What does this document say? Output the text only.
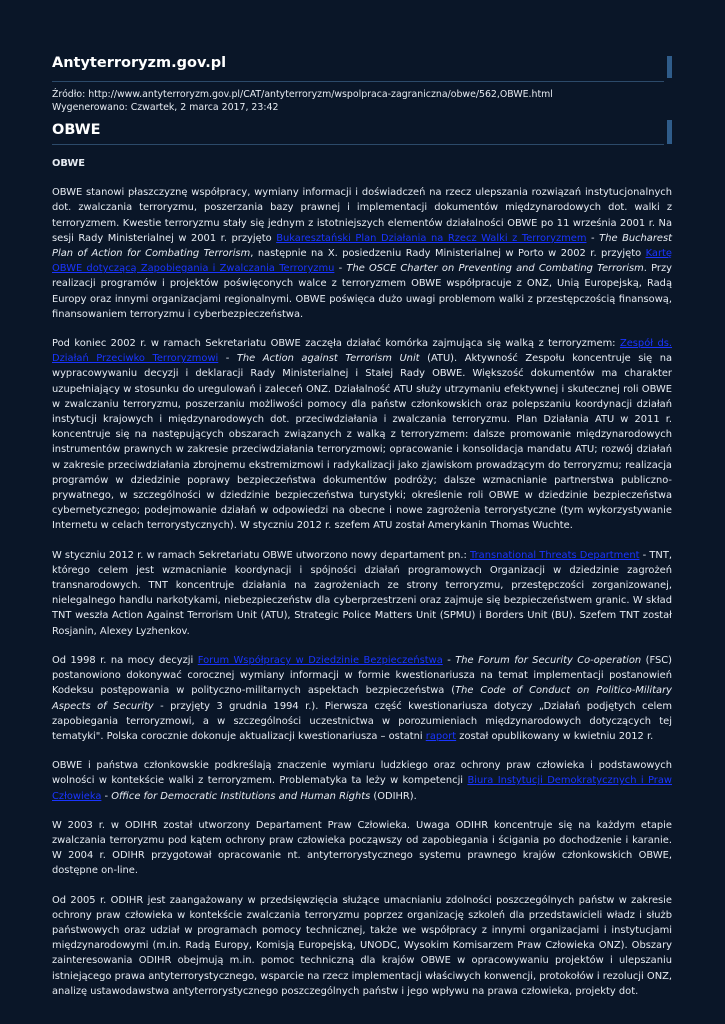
Antyterroryzm.gov.pl
Źródło: http://www.antyterroryzm.gov.pl/CAT/antyterroryzm/wspolpraca-zagraniczna/obwe/562,OBWE.html
Wygenerowano: Czwartek, 2 marca 2017, 23:42
OBWE

OBWE

OBWE stanowi płaszczyznę współpracy, wymiany informacji i doświadczeń na rzecz ulepszania rozwiązań instytucjonalnych dot. zwalczania terroryzmu, poszerzania bazy prawnej i implementacji dokumentów międzynarodowych dot. walki z terroryzmem. Kwestie terroryzmu stały się jednym z istotniejszych elementów działalności OBWE po 11 września 2001 r. Na sesji Rady Ministerialnej w 2001 r. przyjęto Bukaresztański Plan Działania na Rzecz Walki z Terroryzmem - The Bucharest Plan of Action for Combating Terrorism, następnie na X. posiedzeniu Rady Ministerialnej w Porto w 2002 r. przyjęto Kartę OBWE dotyczącą Zapobiegania i Zwalczania Terroryzmu - The OSCE Charter on Preventing and Combating Terrorism. Przy realizacji programów i projektów poświęconych walce z terroryzmem OBWE współpracuje z ONZ, Unią Europejską, Radą Europy oraz innymi organizacjami regionalnymi. OBWE poświęca dużo uwagi problemom walki z przestępczością finansową, finansowaniem terroryzmu i cyberbezpieczeństwa.

Pod koniec 2002 r. w ramach Sekretariatu OBWE zaczęła działać komórka zajmująca się walką z terroryzmem: Zespół ds. Działań Przeciwko Terroryzmowi - The Action against Terrorism Unit (ATU). Aktywność Zespołu koncentruje się na wypracowywaniu decyzji i deklaracji Rady Ministerialnej i Stałej Rady OBWE. Większość dokumentów ma charakter uzupełniający w stosunku do uregulowań i zaleceń ONZ. Działalność ATU służy utrzymaniu efektywnej i skutecznej roli OBWE w zwalczaniu terroryzmu, poszerzaniu możliwości pomocy dla państw członkowskich oraz polepszaniu koordynacji działań instytucji krajowych i międzynarodowych dot. przeciwdziałania i zwalczania terroryzmu. Plan Działania ATU w 2011 r. koncentruje się na następujących obszarach związanych z walką z terroryzmem: dalsze promowanie międzynarodowych instrumentów prawnych w zakresie przeciwdziałania terroryzmowi; opracowanie i konsolidacja mandatu ATU; rozwój działań w zakresie przeciwdziałania zbrojnemu ekstremizmowi i radykalizacji jako zjawiskom prowadzącym do terroryzmu; realizacja programów w dziedzinie poprawy bezpieczeństwa dokumentów podróży; dalsze wzmacnianie partnerstwa publiczno-prywatnego, w szczególności w dziedzinie bezpieczeństwa turystyki; określenie roli OBWE w dziedzinie bezpieczeństwa cybernetycznego; podejmowanie działań w odpowiedzi na obecne i nowe zagrożenia terrorystyczne (tym wykorzystywanie Internetu w celach terrorystycznych). W styczniu 2012 r. szefem ATU został Amerykanin Thomas Wuchte.

W styczniu 2012 r. w ramach Sekretariatu OBWE utworzono nowy departament pn.: Transnational Threats Department - TNT, którego celem jest wzmacnianie koordynacji i spójności działań programowych Organizacji w dziedzinie zagrożeń transnarodowych. TNT koncentruje działania na zagrożeniach ze strony terroryzmu, przestępczości zorganizowanej, nielegalnego handlu narkotykami, niebezpieczeństw dla cyberprzestrzeni oraz zajmuje się bezpieczeństwem granic. W skład TNT weszła Action Against Terrorism Unit (ATU), Strategic Police Matters Unit (SPMU) i Borders Unit (BU). Szefem TNT został Rosjanin, Alexey Lyzhenkov.

Od 1998 r. na mocy decyzji Forum Współpracy w Dziedzinie Bezpieczeństwa - The Forum for Security Co-operation (FSC) postanowiono dokonywać corocznej wymiany informacji w formie kwestionariusza na temat implementacji postanowień Kodeksu postępowania w polityczno-militarnych aspektach bezpieczeństwa (The Code of Conduct on Politico-Military Aspects of Security - przyjęty 3 grudnia 1994 r.). Pierwsza część kwestionariusza dotyczy „Działań podjętych celem zapobiegania terroryzmowi, a w szczególności uczestnictwa w porozumieniach międzynarodowych dotyczących tej tematyki". Polska corocznie dokonuje aktualizacji kwestionariusza – ostatni raport został opublikowany w kwietniu 2012 r.

OBWE i państwa członkowskie podkreślają znaczenie wymiaru ludzkiego oraz ochrony praw człowieka i podstawowych wolności w kontekście walki z terroryzmem. Problematyka ta leży w kompetencji Biura Instytucji Demokratycznych i Praw Człowieka - Office for Democratic Institutions and Human Rights (ODIHR).

W 2003 r. w ODIHR został utworzony Departament Praw Człowieka. Uwaga ODIHR koncentruje się na każdym etapie zwalczania terroryzmu pod kątem ochrony praw człowieka począwszy od zapobiegania i ścigania po dochodzenie i karanie. W 2004 r. ODIHR przygotował opracowanie nt. antyterrorystycznego systemu prawnego krajów członkowskich OBWE, dostępne on-line.

Od 2005 r. ODIHR jest zaangażowany w przedsięwzięcia służące umacnianiu zdolności poszczególnych państw w zakresie ochrony praw człowieka w kontekście zwalczania terroryzmu poprzez organizację szkoleń dla przedstawicieli władz i służb państwowych oraz udział w programach pomocy technicznej, także we współpracy z innymi organizacjami i instytucjami międzynarodowymi (m.in. Radą Europy, Komisją Europejską, UNODC, Wysokim Komisarzem Praw Człowieka ONZ). Obszary zainteresowania ODIHR obejmują m.in. pomoc techniczną dla krajów OBWE w opracowywaniu projektów i ulepszaniu istniejącego prawa antyterrorystycznego, wsparcie na rzecz implementacji właściwych konwencji, protokołów i rezolucji ONZ, analizę ustawodawstwa antyterrorystycznego poszczególnych państw i jego wpływu na prawa człowieka, projekty dot.
